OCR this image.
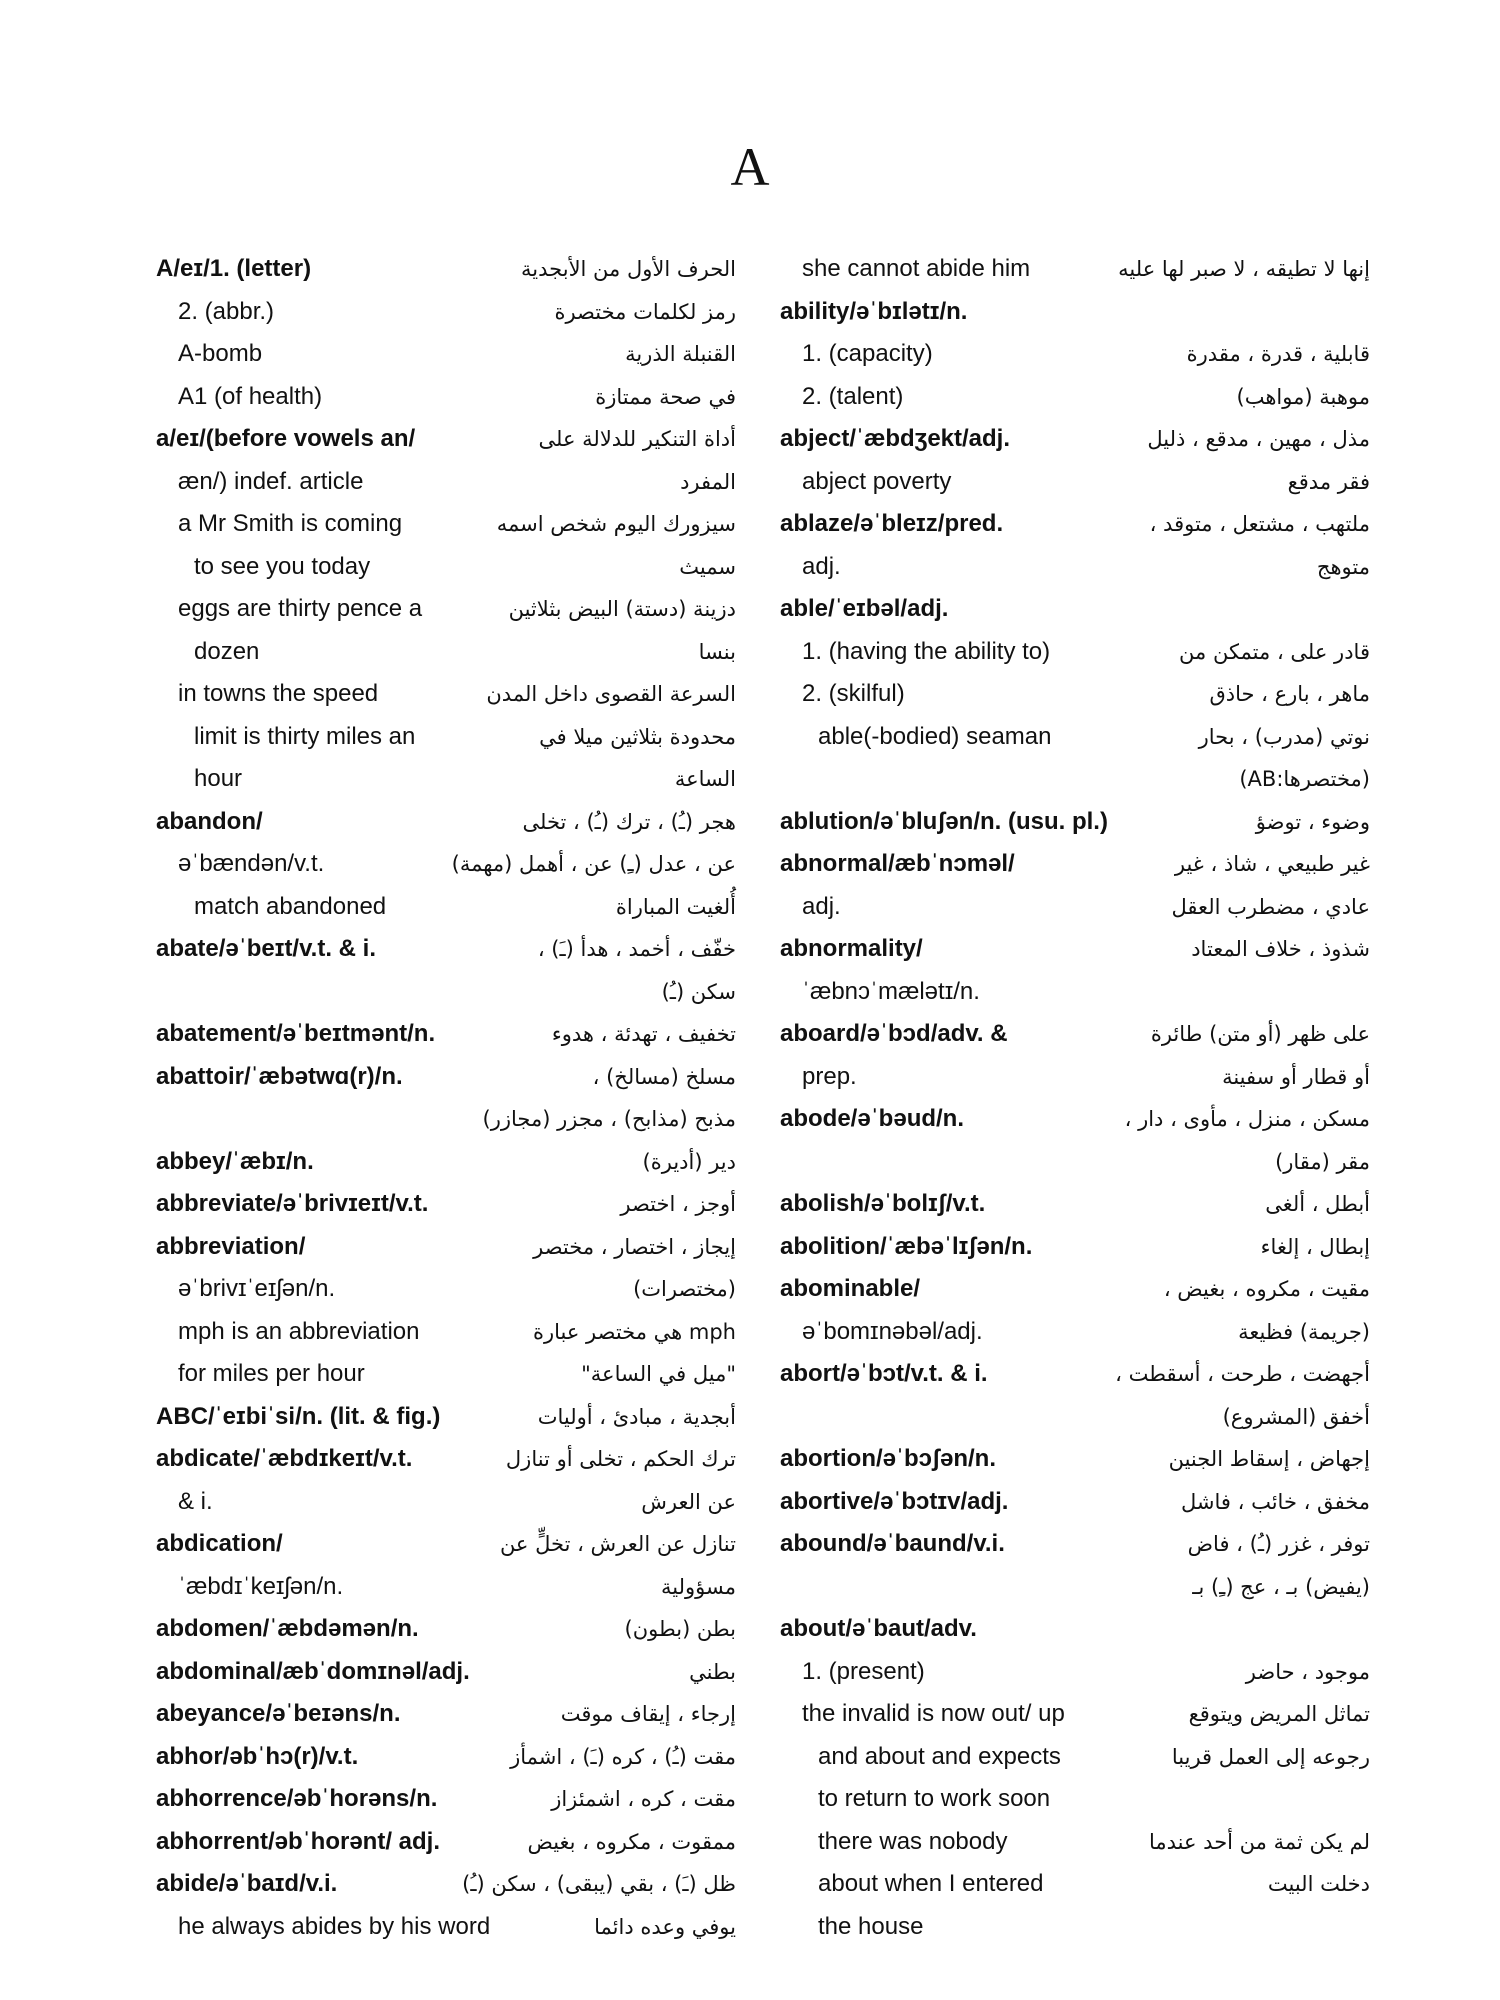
A
A/eɪ/1. (letter)	الحرف الأول من الأبجدية
2. (abbr.)	رمز لكلمات مختصرة
A-bomb	القنبلة الذرية
A1 (of health)	في صحة ممتازة
a/eɪ/(before vowels an/	أداة التنكير للدلالة على
æn/) indef. article	المفرد
a Mr Smith is coming	سيزورك اليوم شخص اسمه
to see you today	سميث
eggs are thirty pence a	دزينة (دستة) البيض بثلاثين
dozen	بنسا
in towns the speed	السرعة القصوى داخل المدن
limit is thirty miles an	محدودة بثلاثين ميلا في
hour	الساعة
abandon/	هجر (ـُ) ، ترك (ـُ) ، تخلى
əˈbændən/v.t.	عن ، عدل (ـِ) عن ، أهمل (مهمة)
match abandoned	أُلغيت المباراة
abate/əˈbeɪt/v.t. & i.	خفّف ، أخمد ، هدأ (ـَ) ،
سكن (ـُ)
abatement/əˈbeɪtmənt/n.	تخفيف ، تهدئة ، هدوء
abattoir/ˈæbətwɑ(r)/n.	مسلخ (مسالخ) ،
مذبح (مذابح) ، مجزر (مجازر)
abbey/ˈæbɪ/n.	دير (أديرة)
abbreviate/əˈbrivɪeɪt/v.t.	أوجز ، اختصر
abbreviation/	إيجاز ، اختصار ، مختصر
əˈbrivɪˈeɪʃən/n.	(مختصرات)
mph is an abbreviation	mph هي مختصر عبارة
for miles per hour	"ميل في الساعة"
ABC/ˈeɪbiˈsi/n. (lit. & fig.)	أبجدية ، مبادئ ، أوليات
abdicate/ˈæbdɪkeɪt/v.t.	ترك الحكم ، تخلى أو تنازل
& i.	عن العرش
abdication/	تنازل عن العرش ، تخلٍّ عن
ˈæbdɪˈkeɪʃən/n.	مسؤولية
abdomen/ˈæbdəmən/n.	بطن (بطون)
abdominal/æbˈdomɪnəl/adj.	بطني
abeyance/əˈbeɪəns/n.	إرجاء ، إيقاف موقت
abhor/əbˈhɔ(r)/v.t.	مقت (ـُ) ، كره (ـَ) ، اشمأز
abhorrence/əbˈhorəns/n.	مقت ، كره ، اشمئزاز
abhorrent/əbˈhorənt/ adj.	ممقوت ، مكروه ، بغيض
abide/əˈbaɪd/v.i.	ظل (ـَ) ، بقي (يبقى) ، سكن (ـُ)
he always abides by his word	يوفي وعده دائما
she cannot abide him	إنها لا تطيقه ، لا صبر لها عليه
ability/əˈbɪlətɪ/n.
1. (capacity)	قابلية ، قدرة ، مقدرة
2. (talent)	موهبة (مواهب)
abject/ˈæbdʒekt/adj.	مذل ، مهين ، مدقع ، ذليل
abject poverty	فقر مدقع
ablaze/əˈbleɪz/pred.	ملتهب ، مشتعل ، متوقد ،
adj.	متوهج
able/ˈeɪbəl/adj.
1. (having the ability to)	قادر على ، متمكن من
2. (skilful)	ماهر ، بارع ، حاذق
able(-bodied) seaman	نوتي (مدرب) ، بحار
(مختصرها:AB)
ablution/əˈbluʃən/n. (usu. pl.)	وضوء ، توضؤ
abnormal/æbˈnɔməl/	غير طبيعي ، شاذ ، غير
adj.	عادي ، مضطرب العقل
abnormality/	شذوذ ، خلاف المعتاد
ˈæbnɔˈmælətɪ/n.
aboard/əˈbɔd/adv. &	على ظهر (أو متن) طائرة
prep.	أو قطار أو سفينة
abode/əˈbəud/n.	مسكن ، منزل ، مأوى ، دار ،
مقر (مقار)
abolish/əˈbolɪʃ/v.t.	أبطل ، ألغى
abolition/ˈæbəˈlɪʃən/n.	إبطال ، إلغاء
abominable/	مقيت ، مكروه ، بغيض ،
əˈbomɪnəbəl/adj.	(جريمة) فظيعة
abort/əˈbɔt/v.t. & i.	أجهضت ، طرحت ، أسقطت ،
أخفق (المشروع)
abortion/əˈbɔʃən/n.	إجهاض ، إسقاط الجنين
abortive/əˈbɔtɪv/adj.	مخفق ، خائب ، فاشل
abound/əˈbaund/v.i.	توفر ، غزر (ـُ) ، فاض
(يفيض) بـ ، عج (ـِ) بـ
about/əˈbaut/adv.
1. (present)	موجود ، حاضر
the invalid is now out/ up	تماثل المريض ويتوقع
and about and expects	رجوعه إلى العمل قريبا
to return to work soon
there was nobody	لم يكن ثمة من أحد عندما
about when I entered	دخلت البيت
the house
